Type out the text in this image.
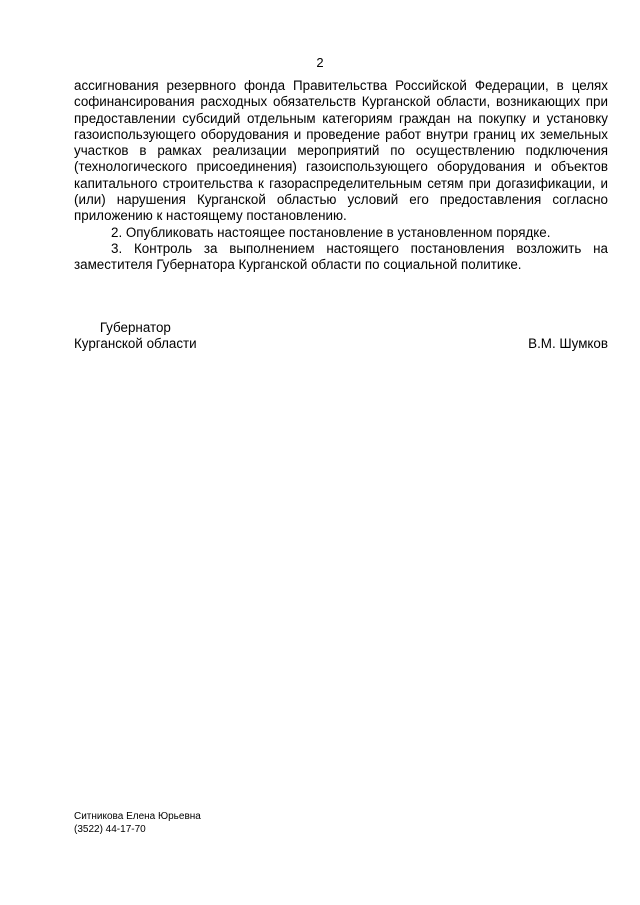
2

ассигнования резервного фонда Правительства Российской Федерации, в целях софинансирования расходных обязательств Курганской области, возникающих при предоставлении субсидий отдельным категориям граждан на покупку и установку газоиспользующего оборудования и проведение работ внутри границ их земельных участков в рамках реализации мероприятий по осуществлению подключения (технологического присоединения) газоиспользующего оборудования и объектов капитального строительства к газораспределительным сетям при догазификации, и (или) нарушения Курганской областью условий его предоставления согласно приложению к настоящему постановлению.

2. Опубликовать настоящее постановление в установленном порядке.

3. Контроль за выполнением настоящего постановления возложить на заместителя Губернатора Курганской области по социальной политике.

Губернатор
Курганской области	В.М. Шумков
Ситникова Елена Юрьевна
(3522) 44-17-70
